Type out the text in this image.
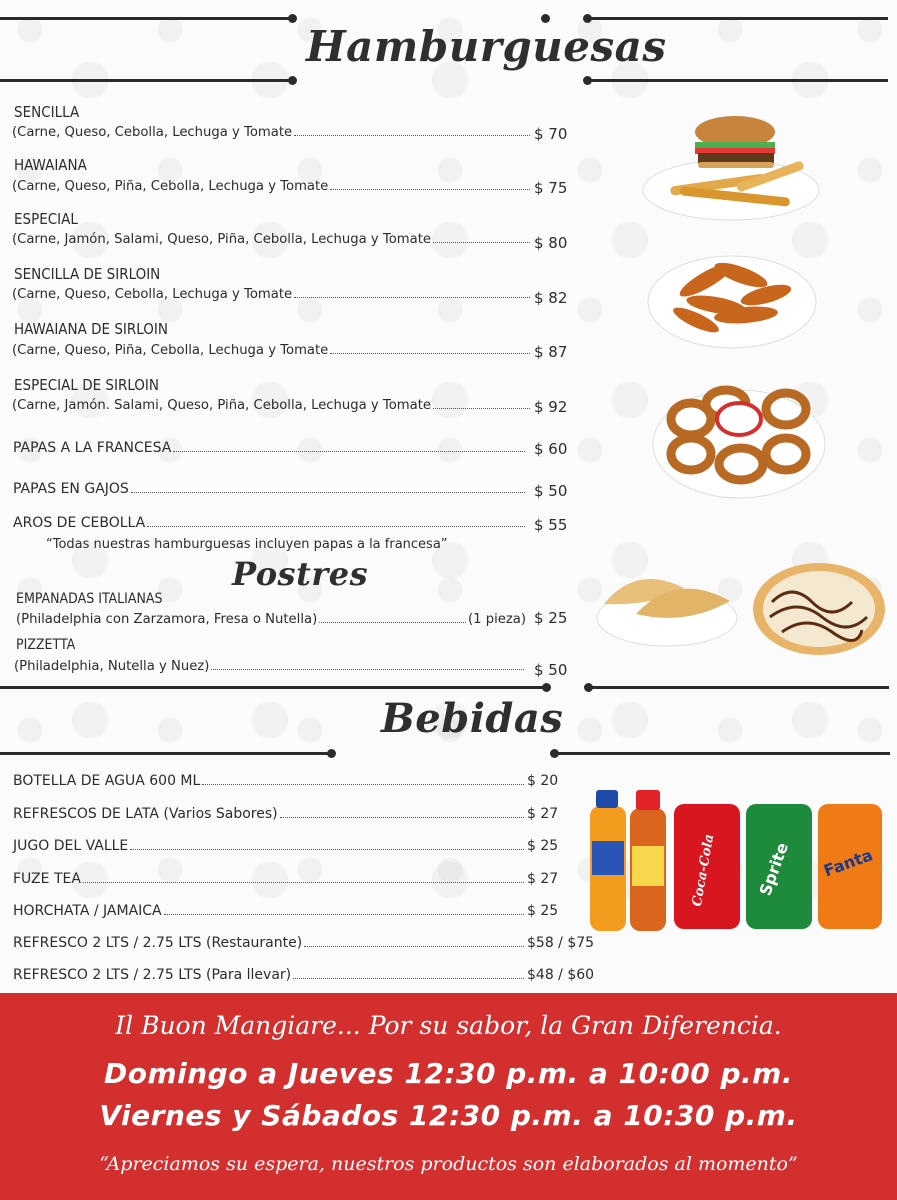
Hamburguesas
SENCILLA
(Carne, Queso, Cebolla, Lechuga y Tomate	$ 70
HAWAIANA
(Carne, Queso, Piña, Cebolla, Lechuga y Tomate	$ 75
ESPECIAL
(Carne, Jamón, Salami, Queso, Piña, Cebolla, Lechuga y Tomate	$ 80
SENCILLA DE SIRLOIN
(Carne, Queso, Cebolla, Lechuga y Tomate	$ 82
HAWAIANA DE SIRLOIN
(Carne, Queso, Piña, Cebolla, Lechuga y Tomate	$ 87
ESPECIAL DE SIRLOIN
(Carne, Jamón. Salami, Queso, Piña, Cebolla, Lechuga y Tomate	$ 92
PAPAS A LA FRANCESA	$ 60
PAPAS EN GAJOS	$ 50
AROS DE CEBOLLA	$ 55
“Todas nuestras hamburguesas incluyen papas a la francesa”
Postres
EMPANADAS ITALIANAS
(Philadelphia con Zarzamora, Fresa o Nutella)	(1 pieza) $ 25
PIZZETTA
(Philadelphia, Nutella y Nuez)	$ 50
Bebidas
BOTELLA DE AGUA 600 ML	$ 20
REFRESCOS DE LATA (Varios Sabores)	$ 27
JUGO DEL VALLE	$ 25
FUZE TEA	$ 27
HORCHATA / JAMAICA	$ 25
REFRESCO 2 LTS / 2.75 LTS (Restaurante)	$58 / $75
REFRESCO 2 LTS / 2.75 LTS (Para llevar)	$48 / $60
Coca-Cola Sprite Fanta
Il Buon Mangiare... Por su sabor, la Gran Diferencia.
Domingo a Jueves 12:30 p.m. a 10:00 p.m.
Viernes y Sábados 12:30 p.m. a 10:30 p.m.
“Apreciamos su espera, nuestros productos son elaborados al momento”
